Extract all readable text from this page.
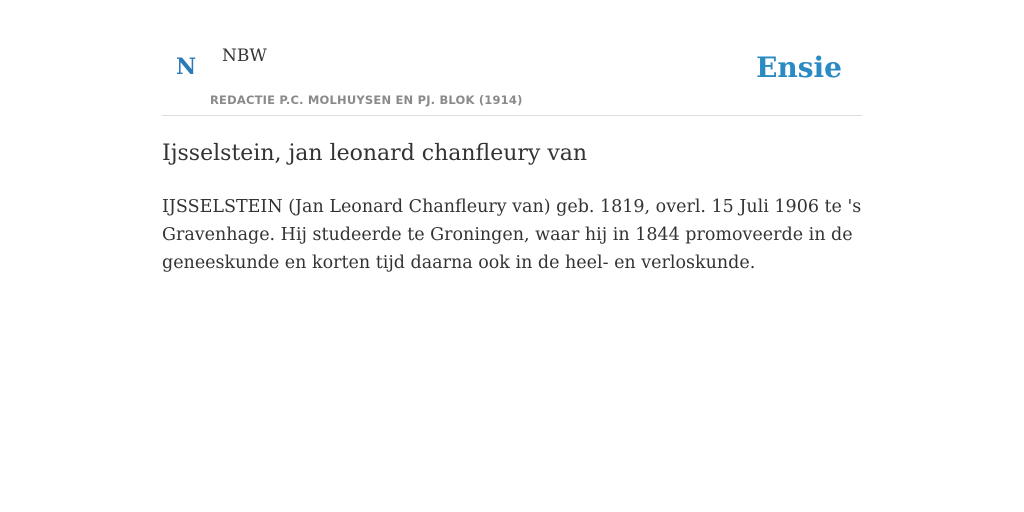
N NBW
REDACTIE P.C. MOLHUYSEN EN PJ. BLOK (1914)
Ensie
Ijsselstein, jan leonard chanfleury van

IJSSELSTEIN (Jan Leonard Chanfleury van) geb. 1819, overl. 15 Juli 1906 te 's Gravenhage. Hij studeerde te Groningen, waar hij in 1844 promoveerde in de geneeskunde en korten tijd daarna ook in de heel- en verloskunde.
